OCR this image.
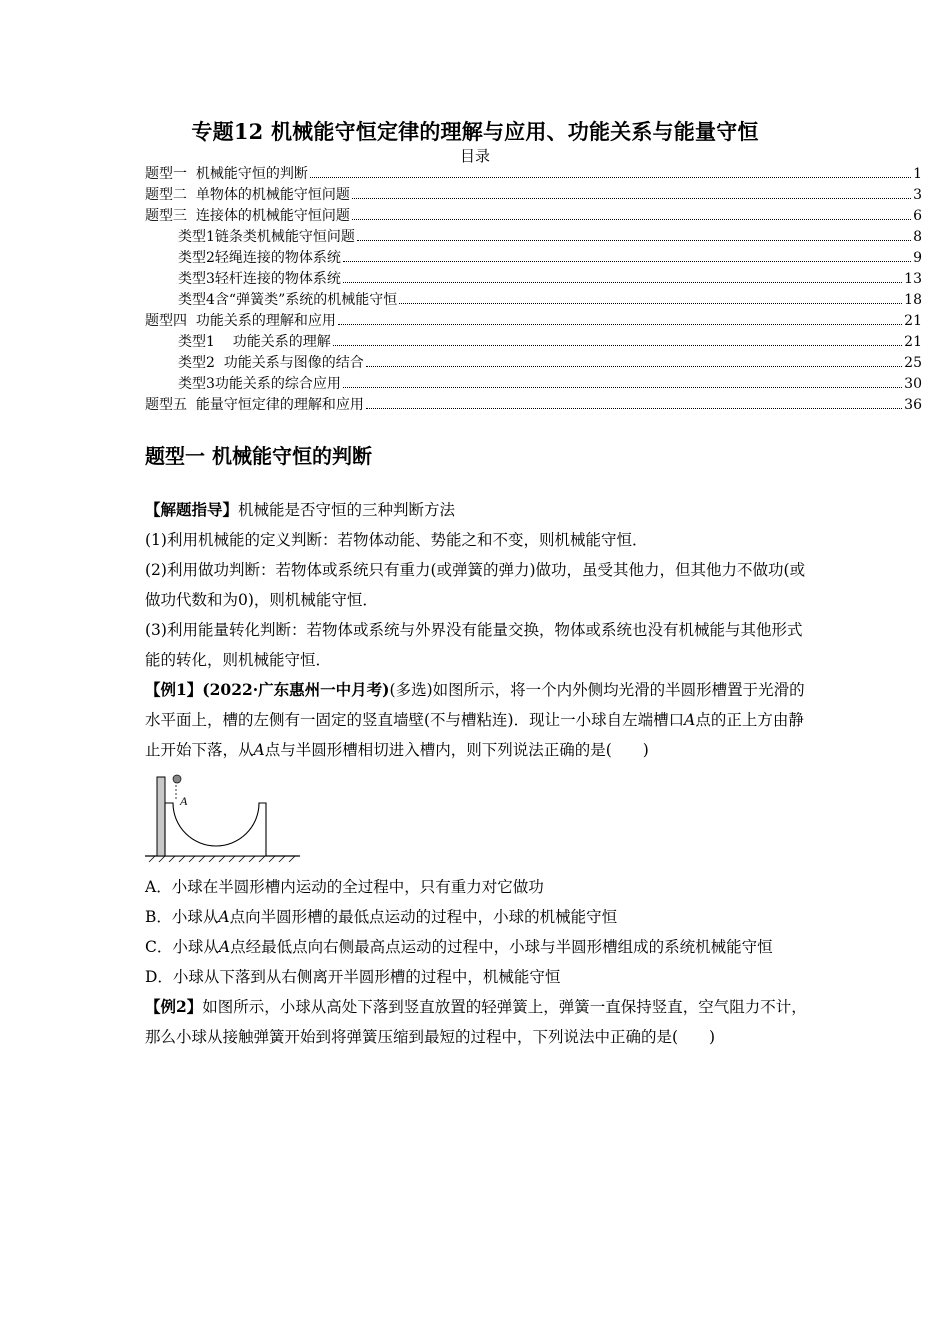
专题12 机械能守恒定律的理解与应用、功能关系与能量守恒
目录
题型一  机械能守恒的判断	1
题型二  单物体的机械能守恒问题	3
题型三  连接体的机械能守恒问题	6
类型1链条类机械能守恒问题	8
类型2轻绳连接的物体系统	9
类型3轻杆连接的物体系统	13
类型4含“弹簧类”系统的机械能守恒	18
题型四  功能关系的理解和应用	21
类型1    功能关系的理解	21
类型2  功能关系与图像的结合	25
类型3功能关系的综合应用	30
题型五  能量守恒定律的理解和应用	36
题型一 机械能守恒的判断

【解题指导】机械能是否守恒的三种判断方法

(1)利用机械能的定义判断：若物体动能、势能之和不变，则机械能守恒．

(2)利用做功判断：若物体或系统只有重力(或弹簧的弹力)做功，虽受其他力，但其他力不做功(或做功代数和为0)，则机械能守恒．

(3)利用能量转化判断：若物体或系统与外界没有能量交换，物体或系统也没有机械能与其他形式能的转化，则机械能守恒．

【例1】(2022·广东惠州一中月考)(多选)如图所示，将一个内外侧均光滑的半圆形槽置于光滑的水平面上，槽的左侧有一固定的竖直墙壁(不与槽粘连)．现让一小球自左端槽口A点的正上方由静止开始下落，从A点与半圆形槽相切进入槽内，则下列说法正确的是(　　)

A

A．小球在半圆形槽内运动的全过程中，只有重力对它做功

B．小球从A点向半圆形槽的最低点运动的过程中，小球的机械能守恒

C．小球从A点经最低点向右侧最高点运动的过程中，小球与半圆形槽组成的系统机械能守恒

D．小球从下落到从右侧离开半圆形槽的过程中，机械能守恒

【例2】如图所示，小球从高处下落到竖直放置的轻弹簧上，弹簧一直保持竖直，空气阻力不计，那么小球从接触弹簧开始到将弹簧压缩到最短的过程中，下列说法中正确的是(　　)
